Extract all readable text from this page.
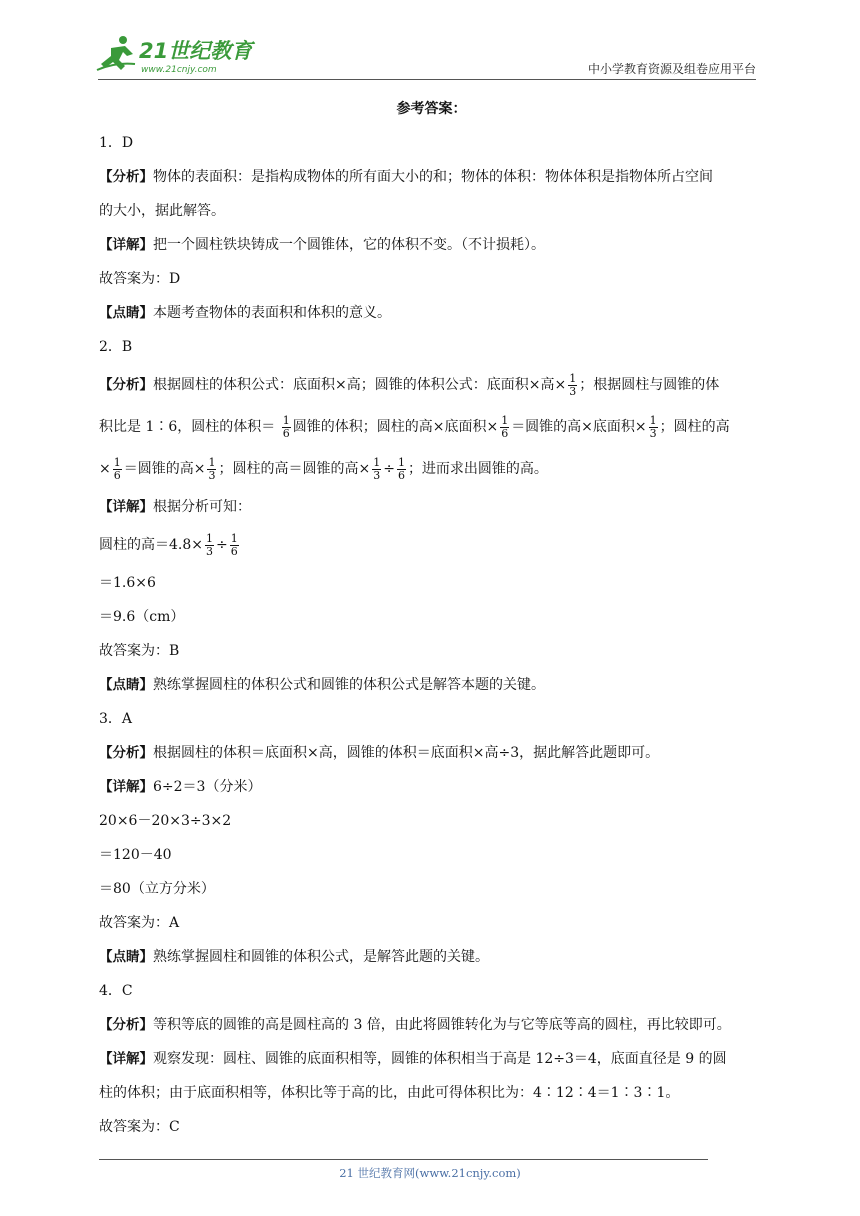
21世纪教育
www.21cnjy.com	中小学教育资源及组卷应用平台
参考答案：
1．D
【分析】物体的表面积：是指构成物体的所有面大小的和；物体的体积：物体体积是指物体所占空间
的大小，据此解答。
【详解】把一个圆柱铁块铸成一个圆锥体，它的体积不变。（不计损耗）。
故答案为：D
【点睛】本题考查物体的表面积和体积的意义。
2．B
【分析】根据圆柱的体积公式：底面积×高；圆锥的体积公式：底面积×高× $\frac{1}{3}$ ；根据圆柱与圆锥的体
积比是 1∶6，圆柱的体积＝ $\frac{1}{6}$ 圆锥的体积；圆柱的高×底面积× $\frac{1}{6}$ ＝圆锥的高×底面积× $\frac{1}{3}$ ；圆柱的高
× $\frac{1}{6}$ ＝圆锥的高× $\frac{1}{3}$ ；圆柱的高＝圆锥的高× $\frac{1}{3} \div \frac{1}{6}$ ；进而求出圆锥的高。
【详解】根据分析可知：
圆柱的高$=4.8\times \frac{1}{3} \div \frac{1}{6}$
＝1.6×6
＝9.6（cm）
故答案为：B
【点睛】熟练掌握圆柱的体积公式和圆锥的体积公式是解答本题的关键。
3．A
【分析】根据圆柱的体积＝底面积×高，圆锥的体积＝底面积×高÷3，据此解答此题即可。
【详解】6÷2＝3（分米）
20×6－20×3÷3×2
＝120－40
＝80（立方分米）
故答案为：A
【点睛】熟练掌握圆柱和圆锥的体积公式，是解答此题的关键。
4．C
【分析】等积等底的圆锥的高是圆柱高的 3 倍，由此将圆锥转化为与它等底等高的圆柱，再比较即可。
【详解】观察发现：圆柱、圆锥的底面积相等，圆锥的体积相当于高是 12÷3＝4，底面直径是 9 的圆
柱的体积；由于底面积相等，体积比等于高的比，由此可得体积比为：4∶12∶4＝1∶3∶1。
故答案为：C
21 世纪教育网(www.21cnjy.com)
